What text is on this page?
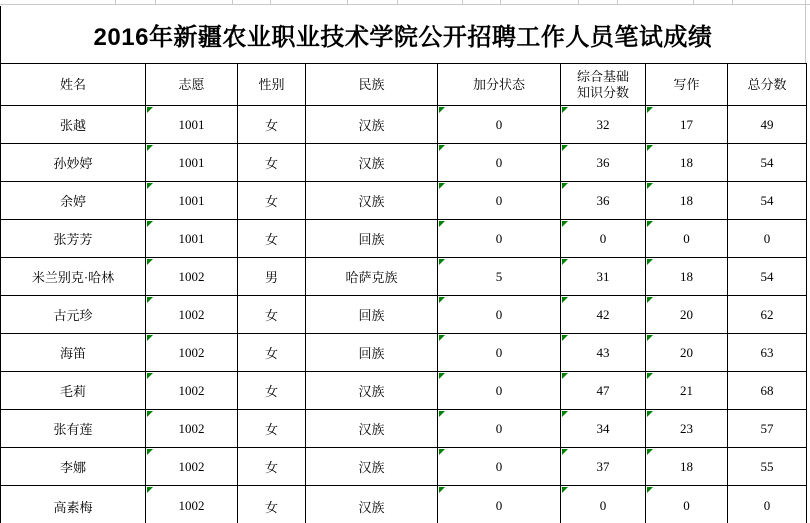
2016年新疆农业职业技术学院公开招聘工作人员笔试成绩
姓名	志愿	性别	民族	加分状态	综合基础知识分数	写作	总分数
张越	1001	女	汉族	0	32	17	49
孙妙婷	1001	女	汉族	0	36	18	54
余婷	1001	女	汉族	0	36	18	54
张芳芳	1001	女	回族	0	0	0	0
米兰别克·哈林	1002	男	哈萨克族	5	31	18	54
古元珍	1002	女	回族	0	42	20	62
海笛	1002	女	回族	0	43	20	63
毛莉	1002	女	汉族	0	47	21	68
张有莲	1002	女	汉族	0	34	23	57
李娜	1002	女	汉族	0	37	18	55
高素梅	1002	女	汉族	0	0	0	0
